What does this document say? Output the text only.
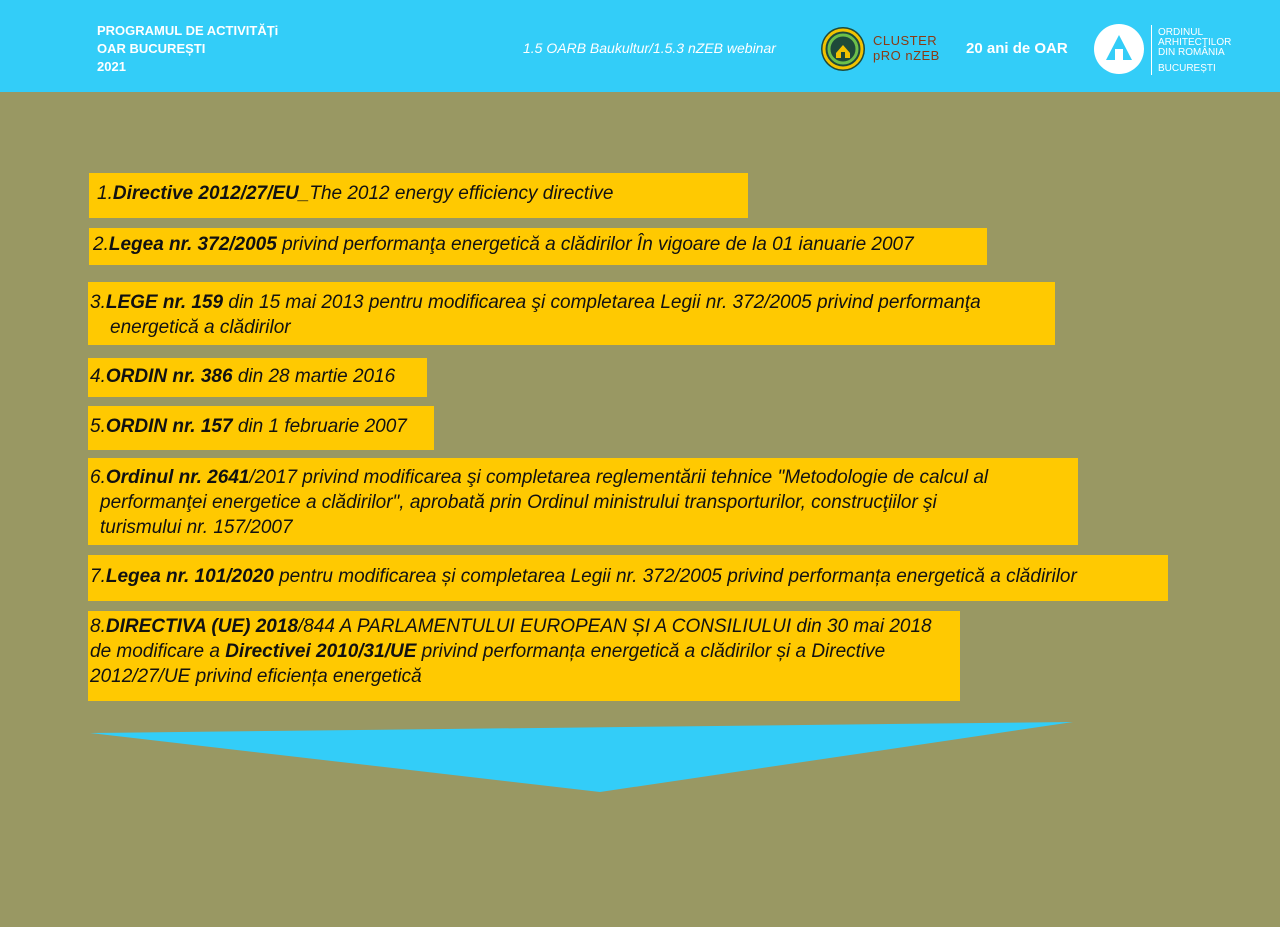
PROGRAMUL DE ACTIVITĂȚi
OAR BUCUREȘTI
2021
1.5 OARB Baukultur/1.5.3 nZEB webinar	CLUSTER
pRO nZEB 20 ani de OAR
ORDINUL
ARHITECȚILOR
DIN ROMÂNIA
BUCUREȘTI
1.Directive 2012/27/EU_The 2012 energy efficiency directive
2.Legea nr. 372/2005 privind performanţa energetică a clădirilor În vigoare de la 01 ianuarie 2007
3.LEGE nr. 159 din 15 mai 2013 pentru modificarea şi completarea Legii nr. 372/2005 privind performanţa
energetică a clădirilor
4.ORDIN nr. 386 din 28 martie 2016
5.ORDIN nr. 157 din 1 februarie 2007
6.Ordinul nr. 2641/2017 privind modificarea şi completarea reglementării tehnice "Metodologie de calcul al
performanţei energetice a clădirilor", aprobată prin Ordinul ministrului transporturilor, construcţiilor şi
turismului nr. 157/2007
7.Legea nr. 101/2020 pentru modificarea și completarea Legii nr. 372/2005 privind performanța energetică a clădirilor
8.DIRECTIVA (UE) 2018/844 A PARLAMENTULUI EUROPEAN ȘI A CONSILIULUI din 30 mai 2018
de modificare a Directivei 2010/31/UE privind performanța energetică a clădirilor și a Directive
2012/27/UE privind eficiența energetică
